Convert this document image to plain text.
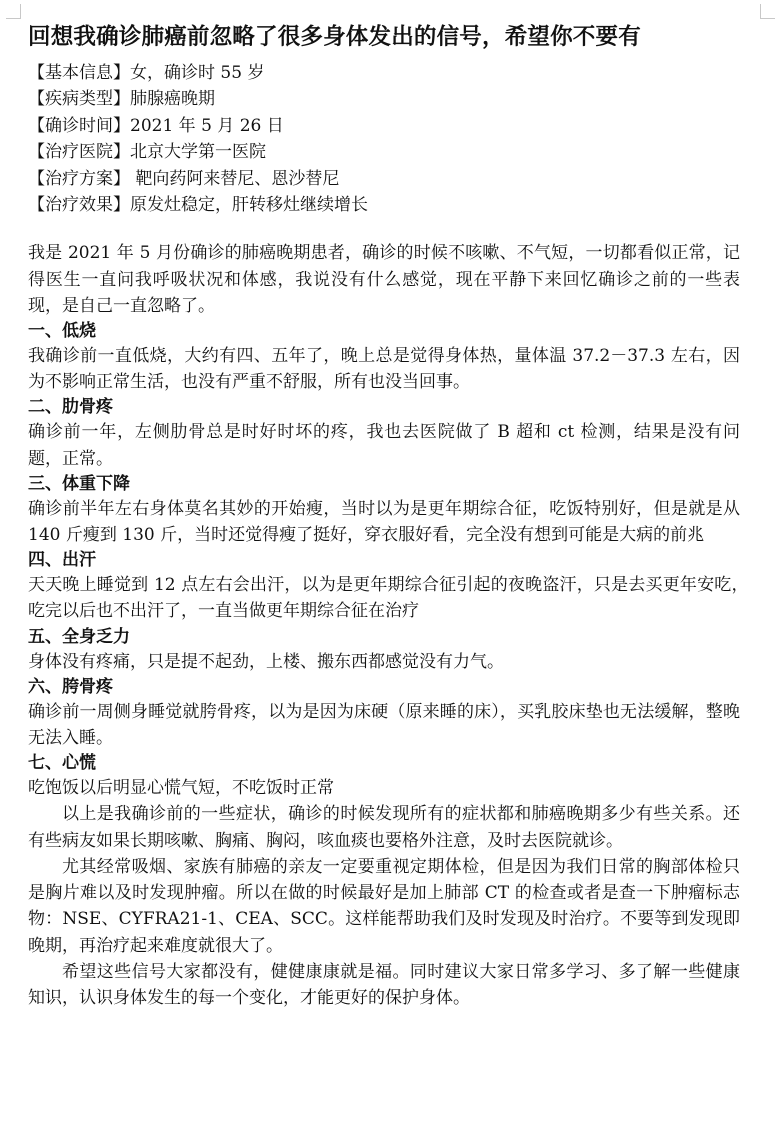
回想我确诊肺癌前忽略了很多身体发出的信号，希望你不要有
【基本信息】女，确诊时 55 岁
【疾病类型】肺腺癌晚期
【确诊时间】2021 年 5 月 26 日
【治疗医院】北京大学第一医院
【治疗方案】 靶向药阿来替尼、恩沙替尼
【治疗效果】原发灶稳定，肝转移灶继续增长

我是 2021 年 5 月份确诊的肺癌晚期患者，确诊的时候不咳嗽、不气短，一切都看似正常，记得医生一直问我呼吸状况和体感，我说没有什么感觉，现在平静下来回忆确诊之前的一些表现，是自己一直忽略了。

一、低烧

我确诊前一直低烧，大约有四、五年了，晚上总是觉得身体热，量体温 37.2－37.3 左右，因为不影响正常生活，也没有严重不舒服，所有也没当回事。

二、肋骨疼

确诊前一年，左侧肋骨总是时好时坏的疼，我也去医院做了 B 超和 ct 检测，结果是没有问题，正常。

三、体重下降

确诊前半年左右身体莫名其妙的开始瘦，当时以为是更年期综合征，吃饭特别好，但是就是从 140 斤瘦到 130 斤，当时还觉得瘦了挺好，穿衣服好看，完全没有想到可能是大病的前兆

四、出汗

天天晚上睡觉到 12 点左右会出汗，以为是更年期综合征引起的夜晚盗汗，只是去买更年安吃，　吃完以后也不出汗了，一直当做更年期综合征在治疗

五、全身乏力

身体没有疼痛，只是提不起劲，上楼、搬东西都感觉没有力气。

六、胯骨疼

确诊前一周侧身睡觉就胯骨疼，以为是因为床硬（原来睡的床），买乳胶床垫也无法缓解，整晚无法入睡。

七、心慌

吃饱饭以后明显心慌气短，不吃饭时正常

以上是我确诊前的一些症状，确诊的时候发现所有的症状都和肺癌晚期多少有些关系。还有些病友如果长期咳嗽、胸痛、胸闷，咳血痰也要格外注意，及时去医院就诊。

尤其经常吸烟、家族有肺癌的亲友一定要重视定期体检，但是因为我们日常的胸部体检只是胸片难以及时发现肿瘤。所以在做的时候最好是加上肺部 CT 的检查或者是查一下肿瘤标志物：NSE、CYFRA21-1、CEA、SCC。这样能帮助我们及时发现及时治疗。不要等到发现即晚期，再治疗起来难度就很大了。

希望这些信号大家都没有，健健康康就是福。同时建议大家日常多学习、多了解一些健康知识，认识身体发生的每一个变化，才能更好的保护身体。
